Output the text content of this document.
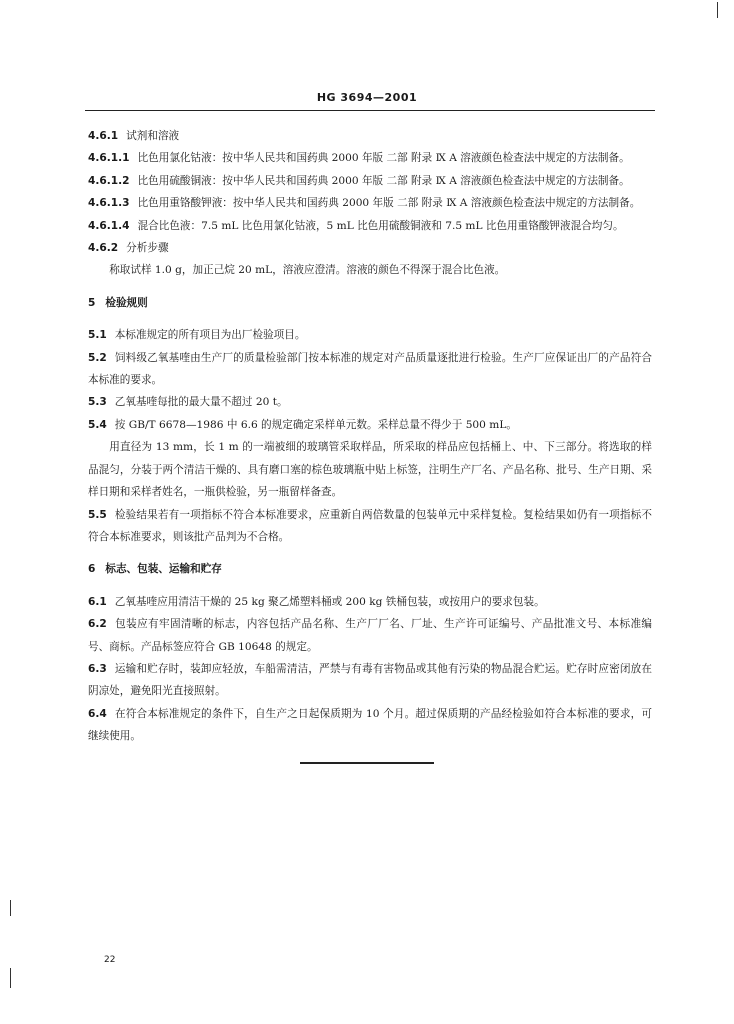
HG 3694—2001

4.6.1 试剂和溶液

4.6.1.1 比色用氯化钴液：按中华人民共和国药典 2000 年版 二部 附录 Ⅸ A 溶液颜色检查法中规定的方法制备。

4.6.1.2 比色用硫酸铜液：按中华人民共和国药典 2000 年版 二部 附录 Ⅸ A 溶液颜色检查法中规定的方法制备。

4.6.1.3 比色用重铬酸钾液：按中华人民共和国药典 2000 年版 二部 附录 Ⅸ A 溶液颜色检查法中规定的方法制备。

4.6.1.4 混合比色液：7.5 mL 比色用氯化钴液，5 mL 比色用硫酸铜液和 7.5 mL 比色用重铬酸钾液混合均匀。

4.6.2 分析步骤

称取试样 1.0 g，加正己烷 20 mL，溶液应澄清。溶液的颜色不得深于混合比色液。

5 检验规则

5.1 本标准规定的所有项目为出厂检验项目。

5.2 饲料级乙氧基喹由生产厂的质量检验部门按本标准的规定对产品质量逐批进行检验。生产厂应保证出厂的产品符合本标准的要求。

5.3 乙氧基喹每批的最大量不超过 20 t。

5.4 按 GB/T 6678—1986 中 6.6 的规定确定采样单元数。采样总量不得少于 500 mL。

用直径为 13 mm，长 1 m 的一端被细的玻璃管采取样品，所采取的样品应包括桶上、中、下三部分。将选取的样品混匀，分装于两个清洁干燥的、具有磨口塞的棕色玻璃瓶中贴上标签，注明生产厂名、产品名称、批号、生产日期、采样日期和采样者姓名，一瓶供检验，另一瓶留样备查。

5.5 检验结果若有一项指标不符合本标准要求，应重新自两倍数量的包装单元中采样复检。复检结果如仍有一项指标不符合本标准要求，则该批产品判为不合格。

6 标志、包装、运输和贮存

6.1 乙氧基喹应用清洁干燥的 25 kg 聚乙烯塑料桶或 200 kg 铁桶包装，或按用户的要求包装。

6.2 包装应有牢固清晰的标志，内容包括产品名称、生产厂厂名、厂址、生产许可证编号、产品批准文号、本标准编号、商标。产品标签应符合 GB 10648 的规定。

6.3 运输和贮存时，装卸应轻放，车船需清洁，严禁与有毒有害物品或其他有污染的物品混合贮运。贮存时应密闭放在阴凉处，避免阳光直接照射。

6.4 在符合本标准规定的条件下，自生产之日起保质期为 10 个月。超过保质期的产品经检验如符合本标准的要求，可继续使用。

22
